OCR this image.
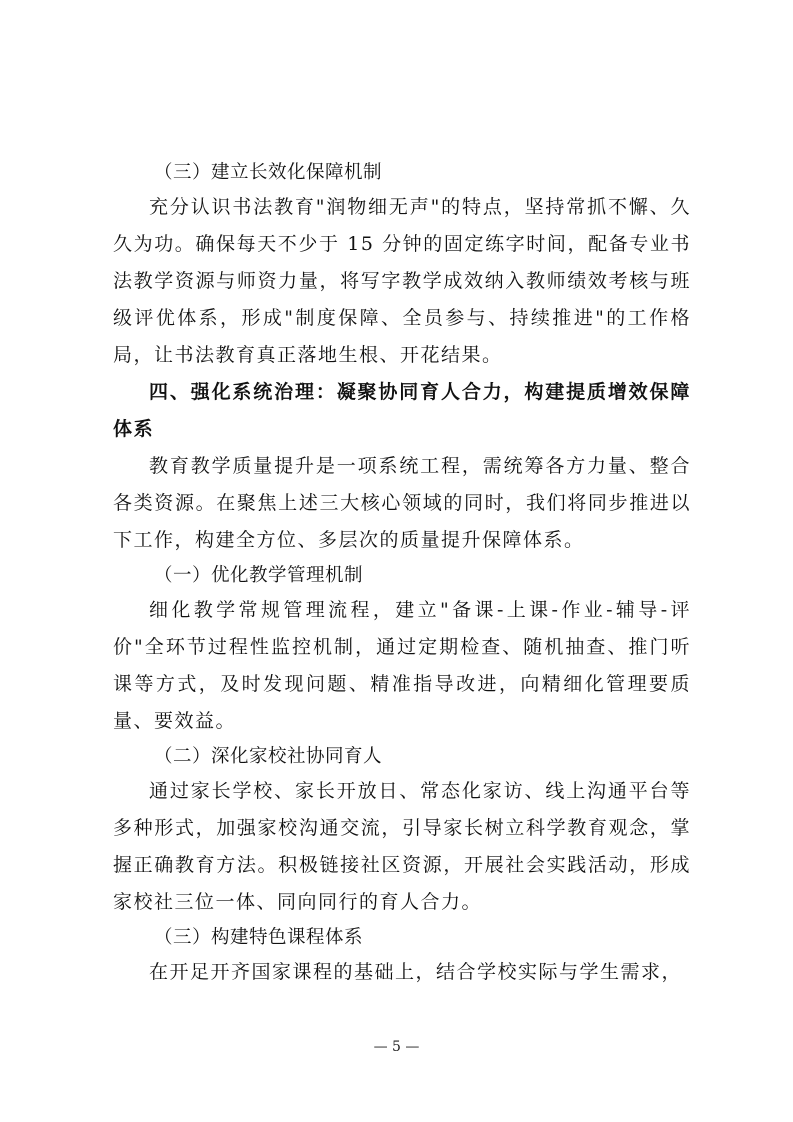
（三）建立长效化保障机制

充分认识书法教育"润物细无声"的特点，坚持常抓不懈、久久为功。确保每天不少于 15 分钟的固定练字时间，配备专业书法教学资源与师资力量，将写字教学成效纳入教师绩效考核与班级评优体系，形成"制度保障、全员参与、持续推进"的工作格局，让书法教育真正落地生根、开花结果。

四、强化系统治理：凝聚协同育人合力，构建提质增效保障体系

教育教学质量提升是一项系统工程，需统筹各方力量、整合各类资源。在聚焦上述三大核心领域的同时，我们将同步推进以下工作，构建全方位、多层次的质量提升保障体系。

（一）优化教学管理机制

细化教学常规管理流程，建立"备课-上课-作业-辅导-评价"全环节过程性监控机制，通过定期检查、随机抽查、推门听课等方式，及时发现问题、精准指导改进，向精细化管理要质量、要效益。

（二）深化家校社协同育人

通过家长学校、家长开放日、常态化家访、线上沟通平台等多种形式，加强家校沟通交流，引导家长树立科学教育观念，掌握正确教育方法。积极链接社区资源，开展社会实践活动，形成家校社三位一体、同向同行的育人合力。

（三）构建特色课程体系

在开足开齐国家课程的基础上，结合学校实际与学生需求，

— 5 —
